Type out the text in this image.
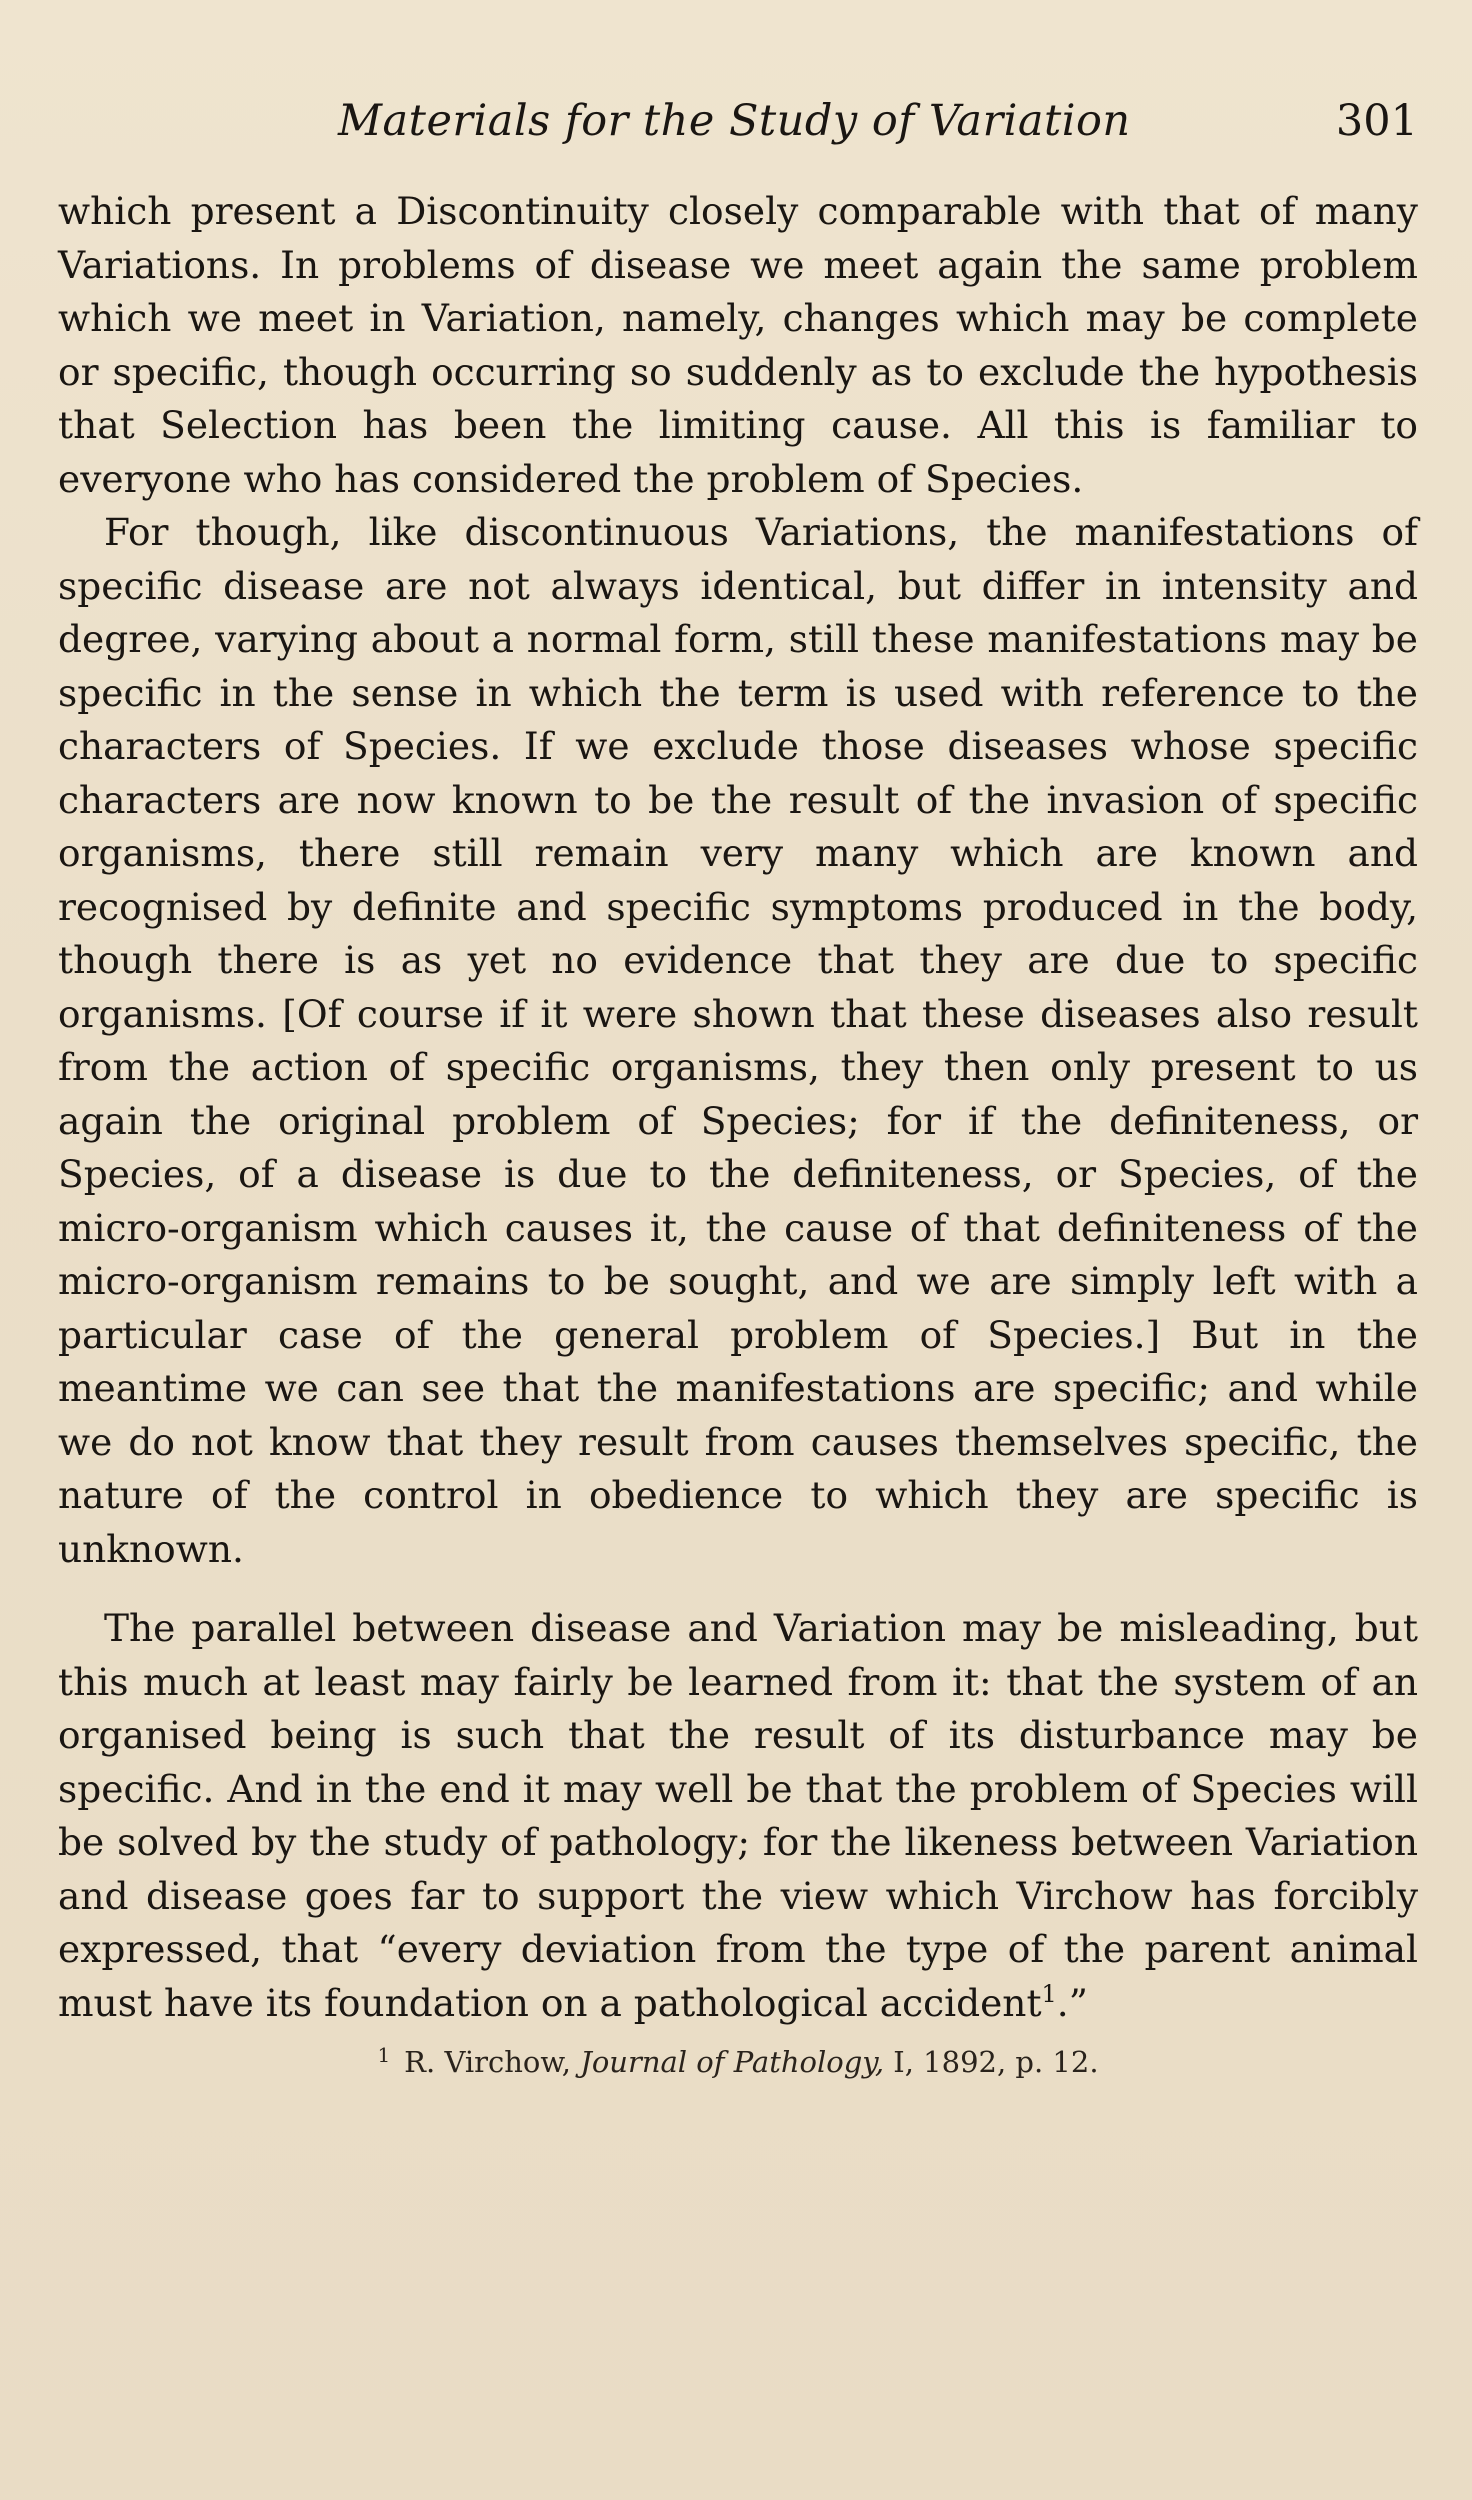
Materials for the Study of Variation	301

which present a Discontinuity closely comparable with that of many Variations. In problems of disease we meet again the same problem which we meet in Variation, namely, changes which may be complete or specific, though occurring so suddenly as to exclude the hypothesis that Selection has been the limiting cause. All this is familiar to everyone who has considered the problem of Species.

For though, like discontinuous Variations, the manifestations of specific disease are not always identical, but differ in intensity and degree, varying about a normal form, still these manifestations may be specific in the sense in which the term is used with reference to the characters of Species. If we exclude those diseases whose specific characters are now known to be the result of the invasion of specific organisms, there still remain very many which are known and recognised by definite and specific symptoms produced in the body, though there is as yet no evidence that they are due to specific organisms. [Of course if it were shown that these diseases also result from the action of specific organisms, they then only present to us again the original problem of Species; for if the definiteness, or Species, of a disease is due to the definiteness, or Species, of the micro-organism which causes it, the cause of that definiteness of the micro-organism remains to be sought, and we are simply left with a particular case of the general problem of Species.] But in the meantime we can see that the manifestations are specific; and while we do not know that they result from causes themselves specific, the nature of the control in obedience to which they are specific is unknown.

The parallel between disease and Variation may be misleading, but this much at least may fairly be learned from it: that the system of an organised being is such that the result of its disturbance may be specific. And in the end it may well be that the problem of Species will be solved by the study of pathology; for the likeness between Variation and disease goes far to support the view which Virchow has forcibly expressed, that “every deviation from the type of the parent animal must have its foundation on a pathological accident$^1$.”

$^1$ R. Virchow, Journal of Pathology, I, 1892, p. 12.
